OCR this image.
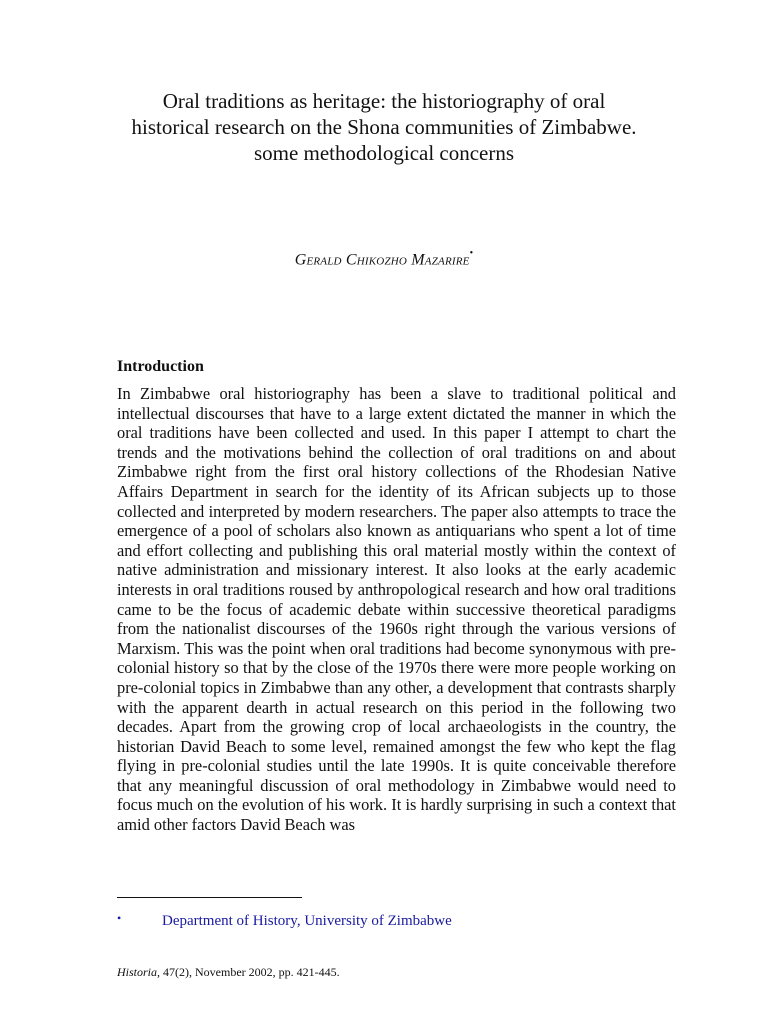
Oral traditions as heritage: the historiography of oral
historical research on the Shona communities of Zimbabwe.
some methodological concerns
Gerald Chikozho Mazarire•
Introduction

In Zimbabwe oral historiography has been a slave to traditional political and intellectual discourses that have to a large extent dictated the manner in which the oral traditions have been collected and used. In this paper I attempt to chart the trends and the motivations behind the collection of oral traditions on and about Zimbabwe right from the first oral history collections of the Rhodesian Native Affairs Department in search for the identity of its African subjects up to those collected and interpreted by modern researchers. The paper also attempts to trace the emergence of a pool of scholars also known as antiquarians who spent a lot of time and effort collecting and publishing this oral material mostly within the context of native administration and missionary interest. It also looks at the early academic interests in oral traditions roused by anthropological research and how oral traditions came to be the focus of academic debate within successive theoretical paradigms from the nationalist discourses of the 1960s right through the various versions of Marxism. This was the point when oral traditions had become synonymous with pre-colonial history so that by the close of the 1970s there were more people working on pre-colonial topics in Zimbabwe than any other, a development that contrasts sharply with the apparent dearth in actual research on this period in the following two decades. Apart from the growing crop of local archaeologists in the country, the historian David Beach to some level, remained amongst the few who kept the flag flying in pre-colonial studies until the late 1990s. It is quite conceivable therefore that any meaningful discussion of oral methodology in Zimbabwe would need to focus much on the evolution of his work. It is hardly surprising in such a context that amid other factors David Beach was

•	Department of History, University of Zimbabwe
Historia, 47(2), November 2002, pp. 421-445.
